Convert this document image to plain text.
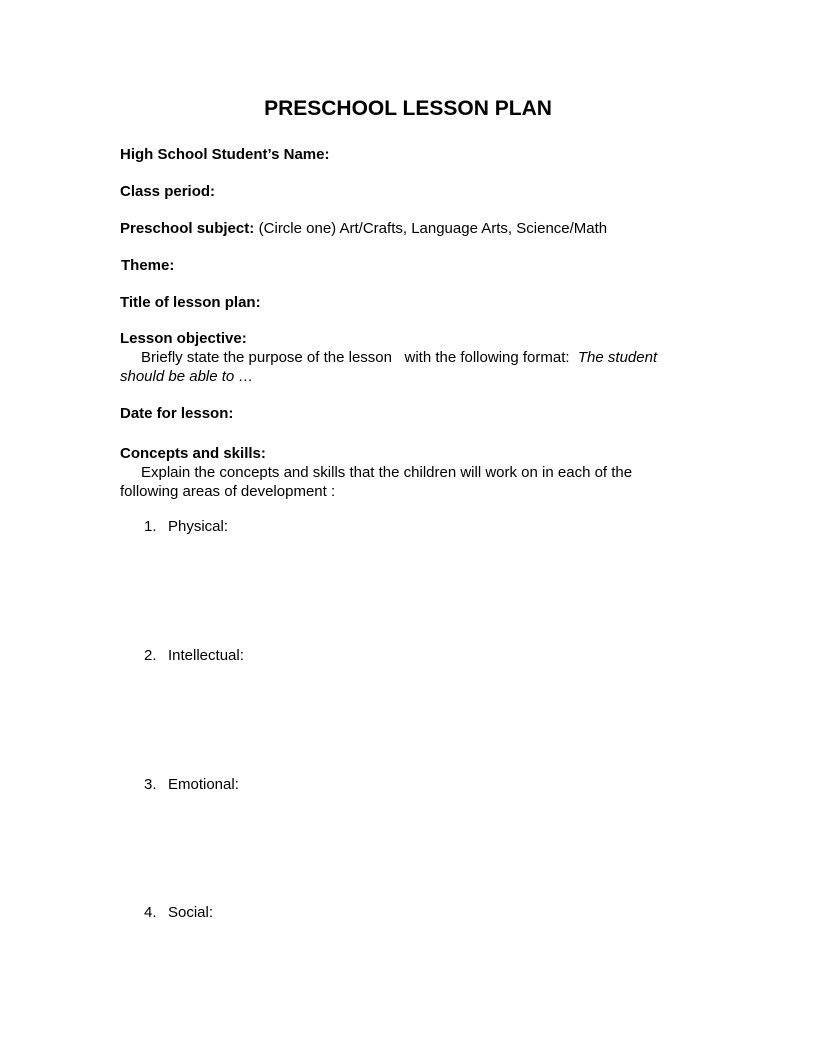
PRESCHOOL LESSON PLAN
High School Student’s Name:
Class period:
Preschool subject: (Circle one) Art/Crafts, Language Arts, Science/Math
Theme:
Title of lesson plan:
Lesson objective:
Briefly state the purpose of the lesson   with the following format:  The student should be able to …
Date for lesson:
Concepts and skills:
Explain the concepts and skills that the children will work on in each of the following areas of development :
1. Physical:
2. Intellectual:
3. Emotional:
4. Social:
